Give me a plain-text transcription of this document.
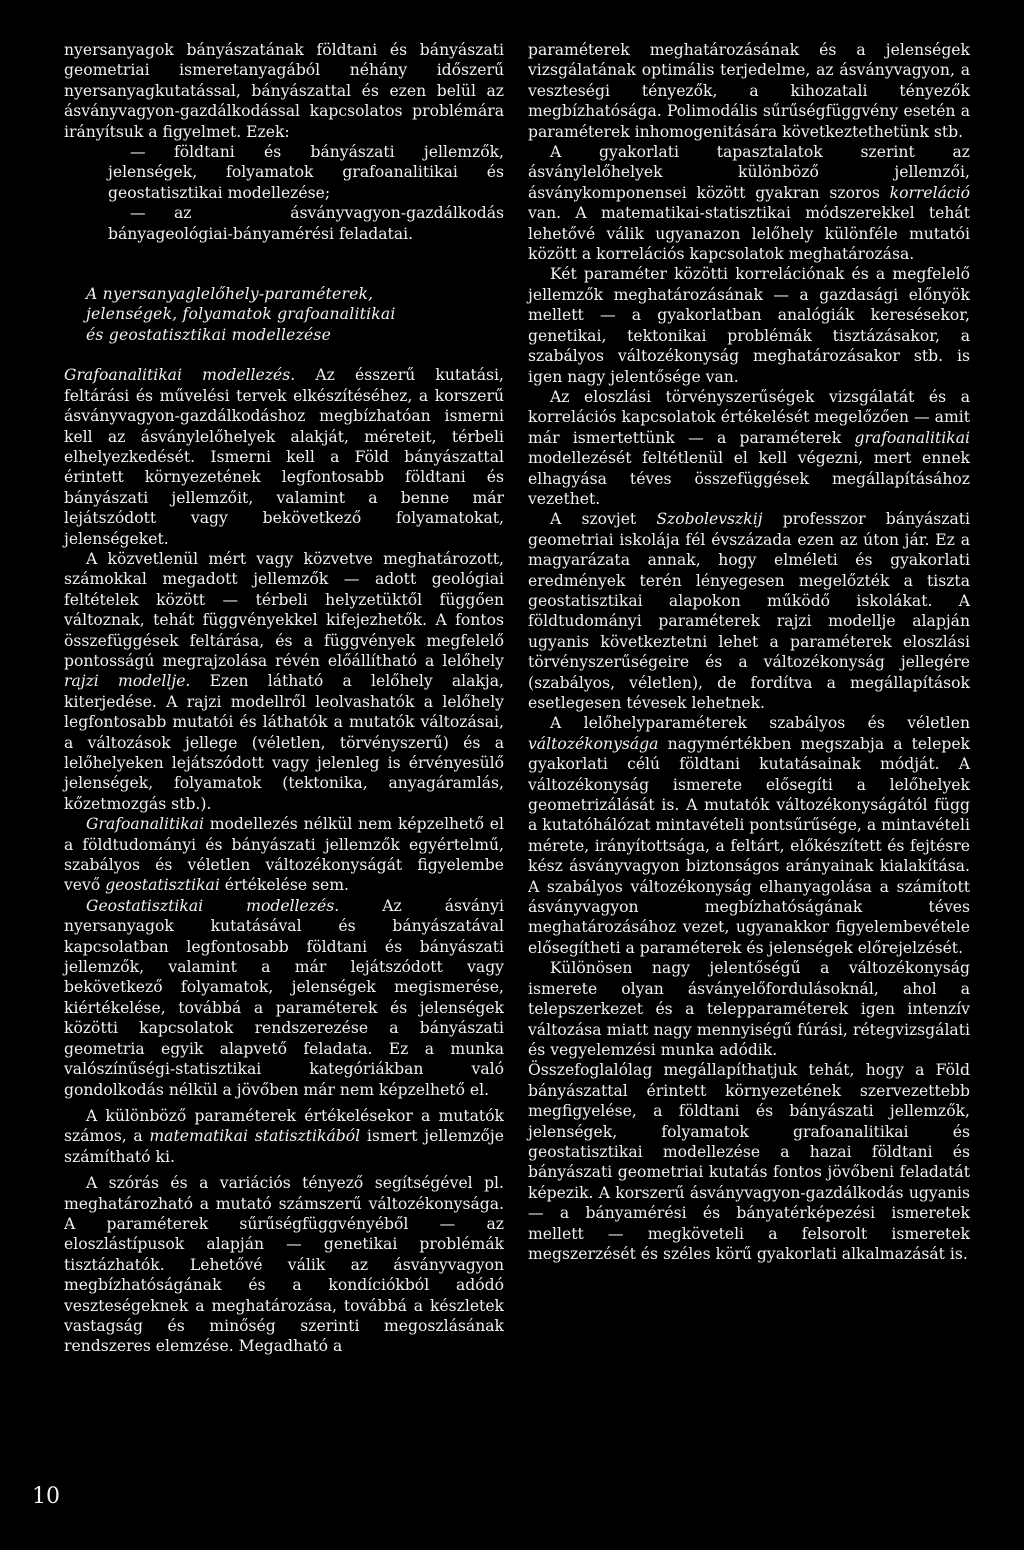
nyersanyagok bányászatának földtani és bányászati geometriai ismeretanyagából néhány időszerű nyersanyagkutatással, bányászattal és ezen belül az ásványvagyon-gazdálkodással kapcsolatos problémára irányítsuk a figyelmet. Ezek:

— földtani és bányászati jellemzők, jelenségek, folyamatok grafoanalitikai és geostatisztikai modellezése;

— az ásványvagyon-gazdálkodás bányageológiai-bányamérési feladatai.

A nyersanyaglelőhely-paraméterek,

jelenségek, folyamatok grafoanalitikai

és geostatisztikai modellezése

Grafoanalitikai modellezés. Az ésszerű kutatási, feltárási és művelési tervek elkészítéséhez, a korszerű ásványvagyon-gazdálkodáshoz megbízhatóan ismerni kell az ásványlelőhelyek alakját, méreteit, térbeli elhelyezkedését. Ismerni kell a Föld bányászattal érintett környezetének legfontosabb földtani és bányászati jellemzőit, valamint a benne már lejátszódott vagy bekövetkező folyamatokat, jelenségeket.

A közvetlenül mért vagy közvetve meghatározott, számokkal megadott jellemzők — adott geológiai feltételek között — térbeli helyzetüktől függően változnak, tehát függvényekkel kifejezhetők. A fontos összefüggések feltárása, és a függvények megfelelő pontosságú megrajzolása révén előállítható a lelőhely rajzi modellje. Ezen látható a lelőhely alakja, kiterjedése. A rajzi modellről leolvashatók a lelőhely legfontosabb mutatói és láthatók a mutatók változásai, a változások jellege (véletlen, törvényszerű) és a lelőhelyeken lejátszódott vagy jelenleg is érvényesülő jelenségek, folyamatok (tektonika, anyagáramlás, kőzetmozgás stb.).

Grafoanalitikai modellezés nélkül nem képzelhető el a földtudományi és bányászati jellemzők egyértelmű, szabályos és véletlen változékonyságát figyelembe vevő geostatisztikai értékelése sem.

Geostatisztikai modellezés. Az ásványi nyersanyagok kutatásával és bányászatával kapcsolatban legfontosabb földtani és bányászati jellemzők, valamint a már lejátszódott vagy bekövetkező folyamatok, jelenségek megismerése, kiértékelése, továbbá a paraméterek és jelenségek közötti kapcsolatok rendszerezése a bányászati geometria egyik alapvető feladata. Ez a munka valószínűségi-statisztikai kategóriákban való gondolkodás nélkül a jövőben már nem képzelhető el.

A különböző paraméterek értékelésekor a mutatók számos, a matematikai statisztikából ismert jellemzője számítható ki.

A szórás és a variációs tényező segítségével pl. meghatározható a mutató számszerű változékonysága. A paraméterek sűrűségfüggvényéből — az eloszlástípusok alapján — genetikai problémák tisztázhatók. Lehetővé válik az ásványvagyon megbízhatóságának és a kondíciókból adódó veszteségeknek a meghatározása, továbbá a készletek vastagság és minőség szerinti megoszlásának rendszeres elemzése. Megadható a

paraméterek meghatározásának és a jelenségek vizsgálatának optimális terjedelme, az ásványvagyon, a veszteségi tényezők, a kihozatali tényezők megbízhatósága. Polimodális sűrűségfüggvény esetén a paraméterek inhomogenitására következtethetünk stb.

A gyakorlati tapasztalatok szerint az ásványlelőhelyek különböző jellemzői, ásványkomponensei között gyakran szoros korreláció van. A matematikai-statisztikai módszerekkel tehát lehetővé válik ugyanazon lelőhely különféle mutatói között a korrelációs kapcsolatok meghatározása.

Két paraméter közötti korrelációnak és a megfelelő jellemzők meghatározásának — a gazdasági előnyök mellett — a gyakorlatban analógiák keresésekor, genetikai, tektonikai problémák tisztázásakor, a szabályos változékonyság meghatározásakor stb. is igen nagy jelentősége van.

Az eloszlási törvényszerűségek vizsgálatát és a korrelációs kapcsolatok értékelését megelőzően — amit már ismertettünk — a paraméterek grafoanalitikai modellezését feltétlenül el kell végezni, mert ennek elhagyása téves összefüggések megállapításához vezethet.

A szovjet Szobolevszkij professzor bányászati geometriai iskolája fél évszázada ezen az úton jár. Ez a magyarázata annak, hogy elméleti és gyakorlati eredmények terén lényegesen megelőzték a tiszta geostatisztikai alapokon működő iskolákat. A földtudományi paraméterek rajzi modellje alapján ugyanis következtetni lehet a paraméterek eloszlási törvényszerűségeire és a változékonyság jellegére (szabályos, véletlen), de fordítva a megállapítások esetlegesen tévesek lehetnek.

A lelőhelyparaméterek szabályos és véletlen változékonysága nagymértékben megszabja a telepek gyakorlati célú földtani kutatásainak módját. A változékonyság ismerete elősegíti a lelőhelyek geometrizálását is. A mutatók változékonyságától függ a kutatóhálózat mintavételi pontsűrűsége, a mintavételi mérete, irányítottsága, a feltárt, előkészített és fejtésre kész ásványvagyon biztonságos arányainak kialakítása. A szabályos változékonyság elhanyagolása a számított ásványvagyon megbízhatóságának téves meghatározásához vezet, ugyanakkor figyelembevétele elősegítheti a paraméterek és jelenségek előrejelzését.

Különösen nagy jelentőségű a változékonyság ismerete olyan ásványelőfordulásoknál, ahol a telepszerkezet és a telepparaméterek igen intenzív változása miatt nagy mennyiségű fúrási, rétegvizsgálati és vegyelemzési munka adódik.

Összefoglalólag megállapíthatjuk tehát, hogy a Föld bányászattal érintett környezetének szervezettebb megfigyelése, a földtani és bányászati jellemzők, jelenségek, folyamatok grafoanalitikai és geostatisztikai modellezése a hazai földtani és bányászati geometriai kutatás fontos jövőbeni feladatát képezik. A korszerű ásványvagyon-gazdálkodás ugyanis — a bányamérési és bányatérképezési ismeretek mellett — megköveteli a felsorolt ismeretek megszerzését és széles körű gyakorlati alkalmazását is.

10
